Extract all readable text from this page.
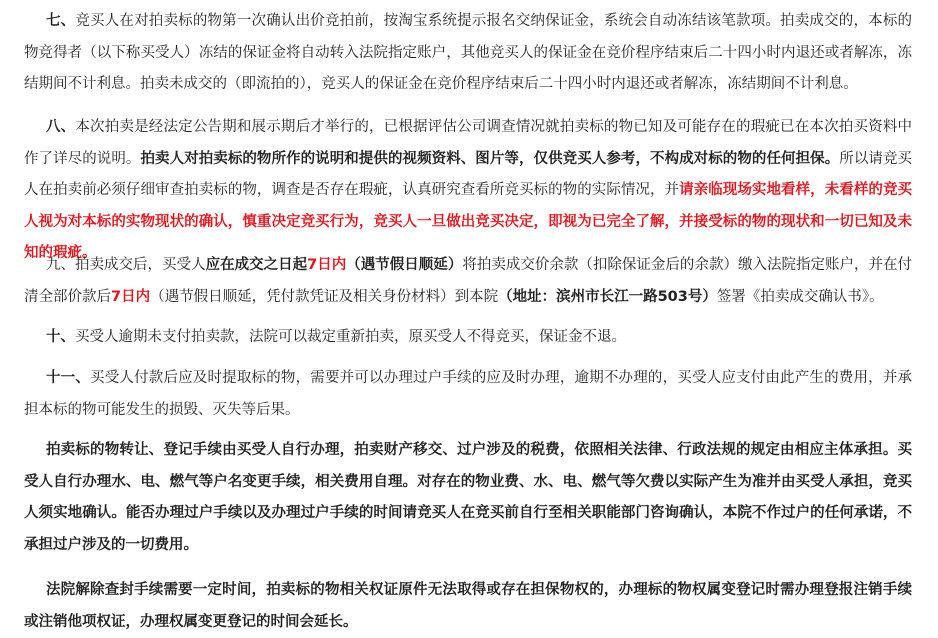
七、竞买人在对拍卖标的物第一次确认出价竞拍前，按淘宝系统提示报名交纳保证金，系统会自动冻结该笔款项。拍卖成交的，本标的物竞得者（以下称买受人）冻结的保证金将自动转入法院指定账户，其他竞买人的保证金在竞价程序结束后二十四小时内退还或者解冻，冻结期间不计利息。拍卖未成交的（即流拍的），竞买人的保证金在竞价程序结束后二十四小时内退还或者解冻，冻结期间不计利息。

八、本次拍卖是经法定公告期和展示期后才举行的，已根据评估公司调查情况就拍卖标的物已知及可能存在的瑕疵已在本次拍买资料中作了详尽的说明。拍卖人对拍卖标的物所作的说明和提供的视频资料、图片等，仅供竞买人参考，不构成对标的物的任何担保。所以请竞买人在拍卖前必须仔细审查拍卖标的物，调查是否存在瑕疵，认真研究查看所竞买标的物的实际情况，并请亲临现场实地看样，未看样的竞买人视为对本标的实物现状的确认，慎重决定竞买行为，竞买人一旦做出竞买决定，即视为已完全了解，并接受标的物的现状和一切已知及未知的瑕疵。

九、拍卖成交后，买受人应在成交之日起7日内（遇节假日顺延）将拍卖成交价余款（扣除保证金后的余款）缴入法院指定账户，并在付清全部价款后7日内（遇节假日顺延，凭付款凭证及相关身份材料）到本院（地址：滨州市长江一路503号）签署《拍卖成交确认书》。

十、买受人逾期未支付拍卖款，法院可以裁定重新拍卖，原买受人不得竞买，保证金不退。

十一、买受人付款后应及时提取标的物，需要并可以办理过户手续的应及时办理，逾期不办理的，买受人应支付由此产生的费用，并承担本标的物可能发生的损毁、灭失等后果。

拍卖标的物转让、登记手续由买受人自行办理，拍卖财产移交、过户涉及的税费，依照相关法律、行政法规的规定由相应主体承担。买受人自行办理水、电、燃气等户名变更手续，相关费用自理。对存在的物业费、水、电、燃气等欠费以实际产生为准并由买受人承担，竞买人须实地确认。能否办理过户手续以及办理过户手续的时间请竞买人在竞买前自行至相关职能部门咨询确认，本院不作过户的任何承诺，不承担过户涉及的一切费用。

法院解除查封手续需要一定时间，拍卖标的物相关权证原件无法取得或存在担保物权的，办理标的物权属变登记时需办理登报注销手续或注销他项权证，办理权属变更登记的时间会延长。
